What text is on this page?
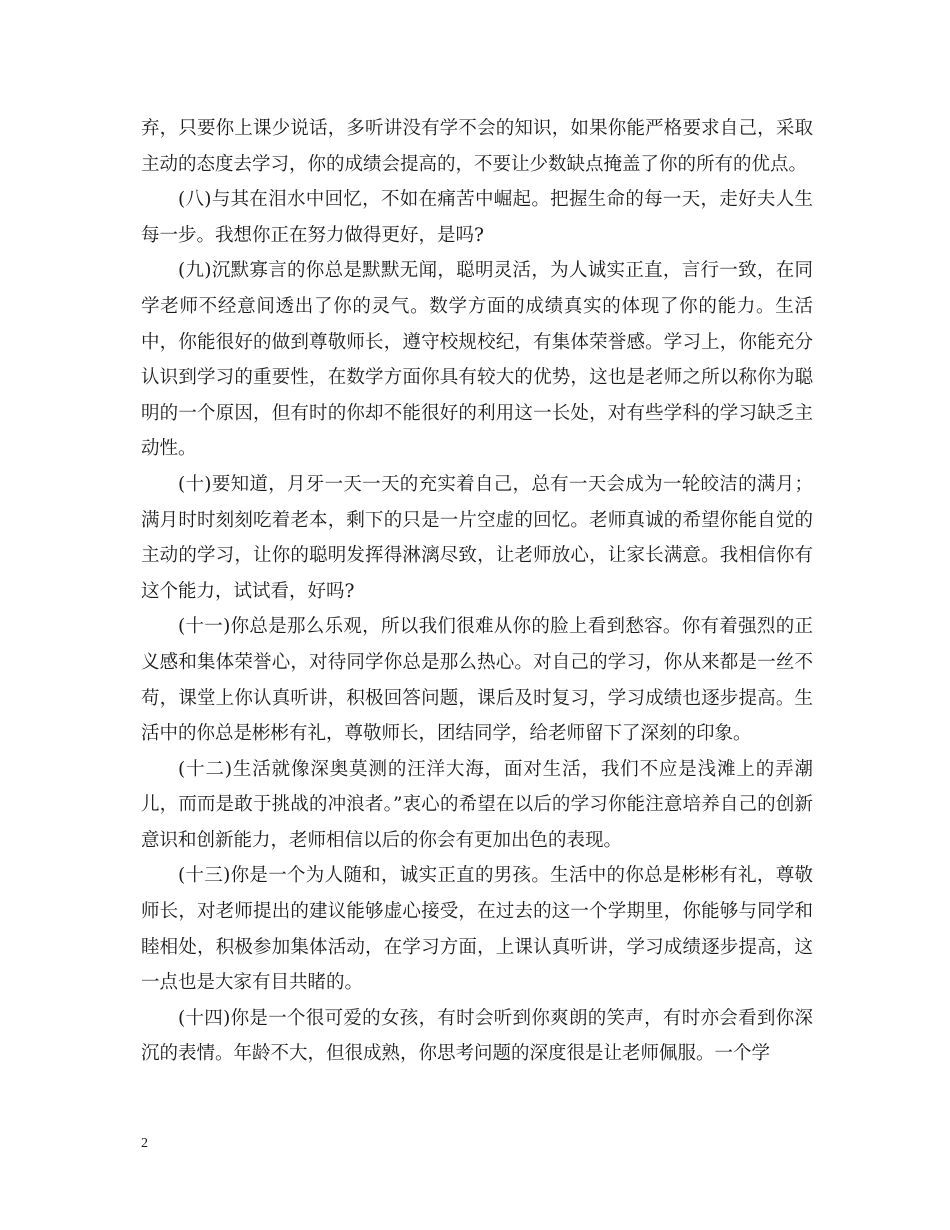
弃，只要你上课少说话，多听讲没有学不会的知识，如果你能严格要求自己，采取主动的态度去学习，你的成绩会提高的，不要让少数缺点掩盖了你的所有的优点。

(八)与其在泪水中回忆，不如在痛苦中崛起。把握生命的每一天，走好夫人生每一步。我想你正在努力做得更好，是吗?

(九)沉默寡言的你总是默默无闻，聪明灵活，为人诚实正直，言行一致，在同学老师不经意间透出了你的灵气。数学方面的成绩真实的体现了你的能力。生活中，你能很好的做到尊敬师长，遵守校规校纪，有集体荣誉感。学习上，你能充分认识到学习的重要性，在数学方面你具有较大的优势，这也是老师之所以称你为聪明的一个原因，但有时的你却不能很好的利用这一长处，对有些学科的学习缺乏主动性。

(十)要知道，月牙一天一天的充实着自己，总有一天会成为一轮皎洁的满月；满月时时刻刻吃着老本，剩下的只是一片空虚的回忆。老师真诚的希望你能自觉的主动的学习，让你的聪明发挥得淋漓尽致，让老师放心，让家长满意。我相信你有这个能力，试试看，好吗?

(十一)你总是那么乐观，所以我们很难从你的脸上看到愁容。你有着强烈的正义感和集体荣誉心，对待同学你总是那么热心。对自己的学习，你从来都是一丝不苟，课堂上你认真听讲，积极回答问题，课后及时复习，学习成绩也逐步提高。生活中的你总是彬彬有礼，尊敬师长，团结同学，给老师留下了深刻的印象。

(十二)生活就像深奥莫测的汪洋大海，面对生活，我们不应是浅滩上的弄潮儿，而而是敢于挑战的冲浪者。”衷心的希望在以后的学习你能注意培养自己的创新意识和创新能力，老师相信以后的你会有更加出色的表现。

(十三)你是一个为人随和，诚实正直的男孩。生活中的你总是彬彬有礼，尊敬师长，对老师提出的建议能够虚心接受，在过去的这一个学期里，你能够与同学和睦相处，积极参加集体活动，在学习方面，上课认真听讲，学习成绩逐步提高，这一点也是大家有目共睹的。

(十四)你是一个很可爱的女孩，有时会听到你爽朗的笑声，有时亦会看到你深沉的表情。年龄不大，但很成熟，你思考问题的深度很是让老师佩服。一个学

2
